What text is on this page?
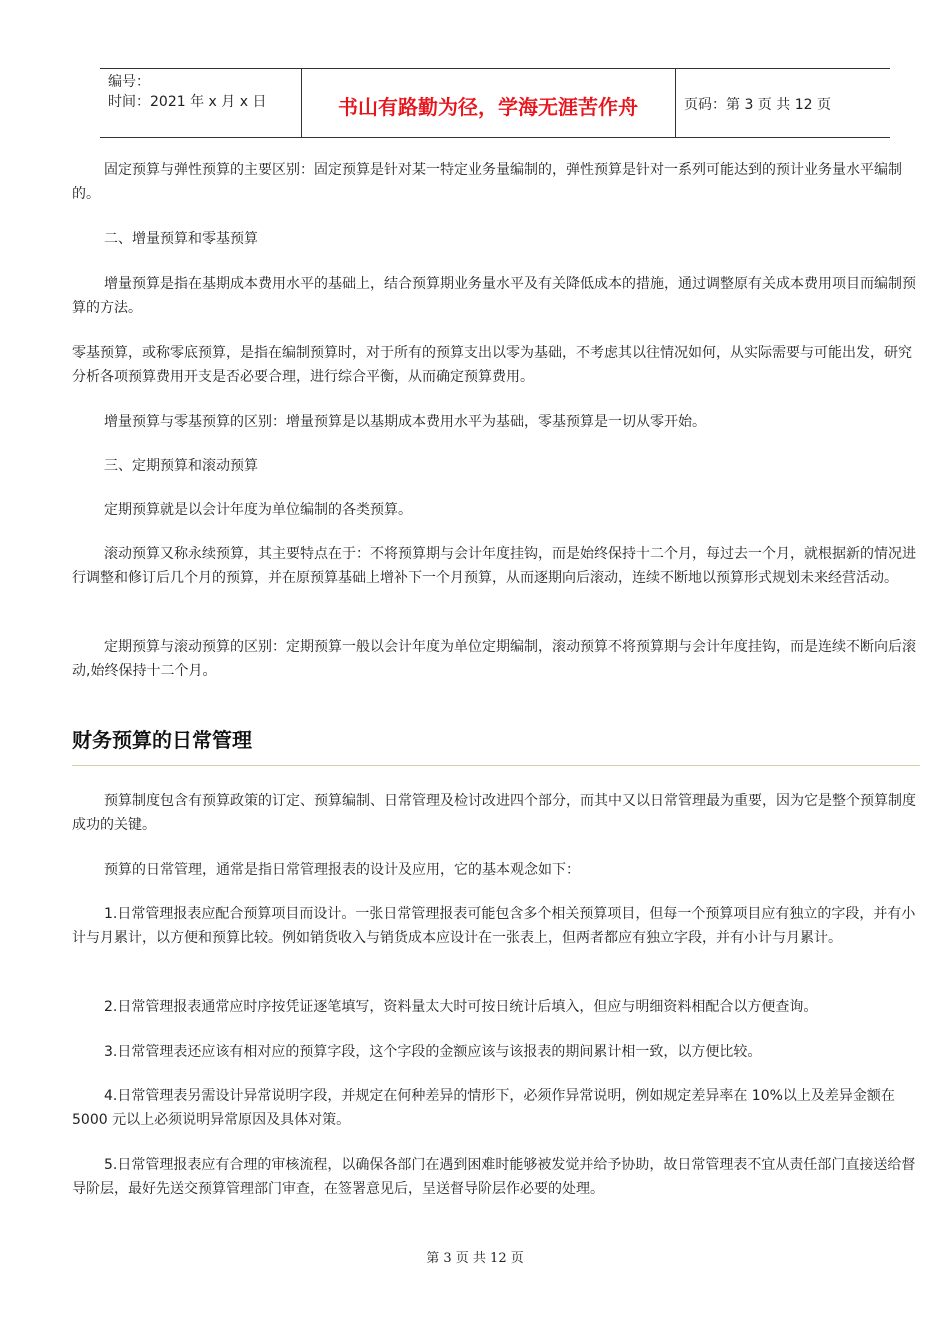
编号：
时间：2021 年 x 月 x 日	书山有路勤为径，学海无涯苦作舟	页码：第 3 页 共 12 页

固定预算与弹性预算的主要区别：固定预算是针对某一特定业务量编制的，弹性预算是针对一系列可能达到的预计业务量水平编制的。

二、增量预算和零基预算

增量预算是指在基期成本费用水平的基础上，结合预算期业务量水平及有关降低成本的措施，通过调整原有关成本费用项目而编制预算的方法。

零基预算，或称零底预算，是指在编制预算时，对于所有的预算支出以零为基础，不考虑其以往情况如何，从实际需要与可能出发，研究分析各项预算费用开支是否必要合理，进行综合平衡，从而确定预算费用。

增量预算与零基预算的区别：增量预算是以基期成本费用水平为基础，零基预算是一切从零开始。

三、定期预算和滚动预算

定期预算就是以会计年度为单位编制的各类预算。

滚动预算又称永续预算，其主要特点在于：不将预算期与会计年度挂钩，而是始终保持十二个月，每过去一个月，就根据新的情况进行调整和修订后几个月的预算，并在原预算基础上增补下一个月预算，从而逐期向后滚动，连续不断地以预算形式规划未来经营活动。

定期预算与滚动预算的区别：定期预算一般以会计年度为单位定期编制，滚动预算不将预算期与会计年度挂钩，而是连续不断向后滚动,始终保持十二个月。

财务预算的日常管理

预算制度包含有预算政策的订定、预算编制、日常管理及检讨改进四个部分，而其中又以日常管理最为重要，因为它是整个预算制度成功的关键。

预算的日常管理，通常是指日常管理报表的设计及应用，它的基本观念如下：

1.日常管理报表应配合预算项目而设计。一张日常管理报表可能包含多个相关预算项目，但每一个预算项目应有独立的字段，并有小计与月累计，以方便和预算比较。例如销货收入与销货成本应设计在一张表上，但两者都应有独立字段，并有小计与月累计。

2.日常管理报表通常应时序按凭证逐笔填写，资料量太大时可按日统计后填入，但应与明细资料相配合以方便查询。

3.日常管理表还应该有相对应的预算字段，这个字段的金额应该与该报表的期间累计相一致，以方便比较。

4.日常管理表另需设计异常说明字段，并规定在何种差异的情形下，必须作异常说明，例如规定差异率在 10%以上及差异金额在 5000 元以上必须说明异常原因及具体对策。

5.日常管理报表应有合理的审核流程，以确保各部门在遇到困难时能够被发觉并给予协助，故日常管理表不宜从责任部门直接送给督导阶层，最好先送交预算管理部门审查，在签署意见后，呈送督导阶层作必要的处理。

第 3 页 共 12 页
